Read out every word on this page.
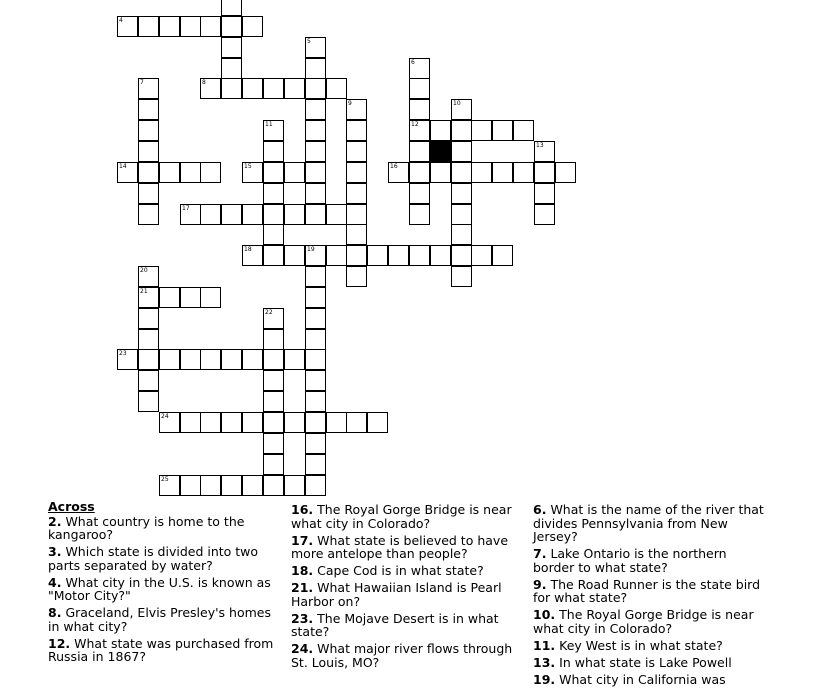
4
5
6
12
7	8
9	10
11
13
14	15	16
17
18	19
20
21
22
23
24
25
Across
2. What country is home to the kangaroo?
3. Which state is divided into two parts separated by water?
4. What city in the U.S. is known as "Motor City?"
8. Graceland, Elvis Presley's homes in what city?
12. What state was purchased from Russia in 1867?
16. The Royal Gorge Bridge is near what city in Colorado?
17. What state is believed to have more antelope than people?
18. Cape Cod is in what state?
21. What Hawaiian Island is Pearl Harbor on?
23. The Mojave Desert is in what state?
24. What major river flows through St. Louis, MO?
6. What is the name of the river that divides Pennsylvania from New Jersey?
7. Lake Ontario is the northern border to what state?
9. The Road Runner is the state bird for what state?
10. The Royal Gorge Bridge is near what city in Colorado?
11. Key West is in what state?
13. In what state is Lake Powell
19. What city in California was
